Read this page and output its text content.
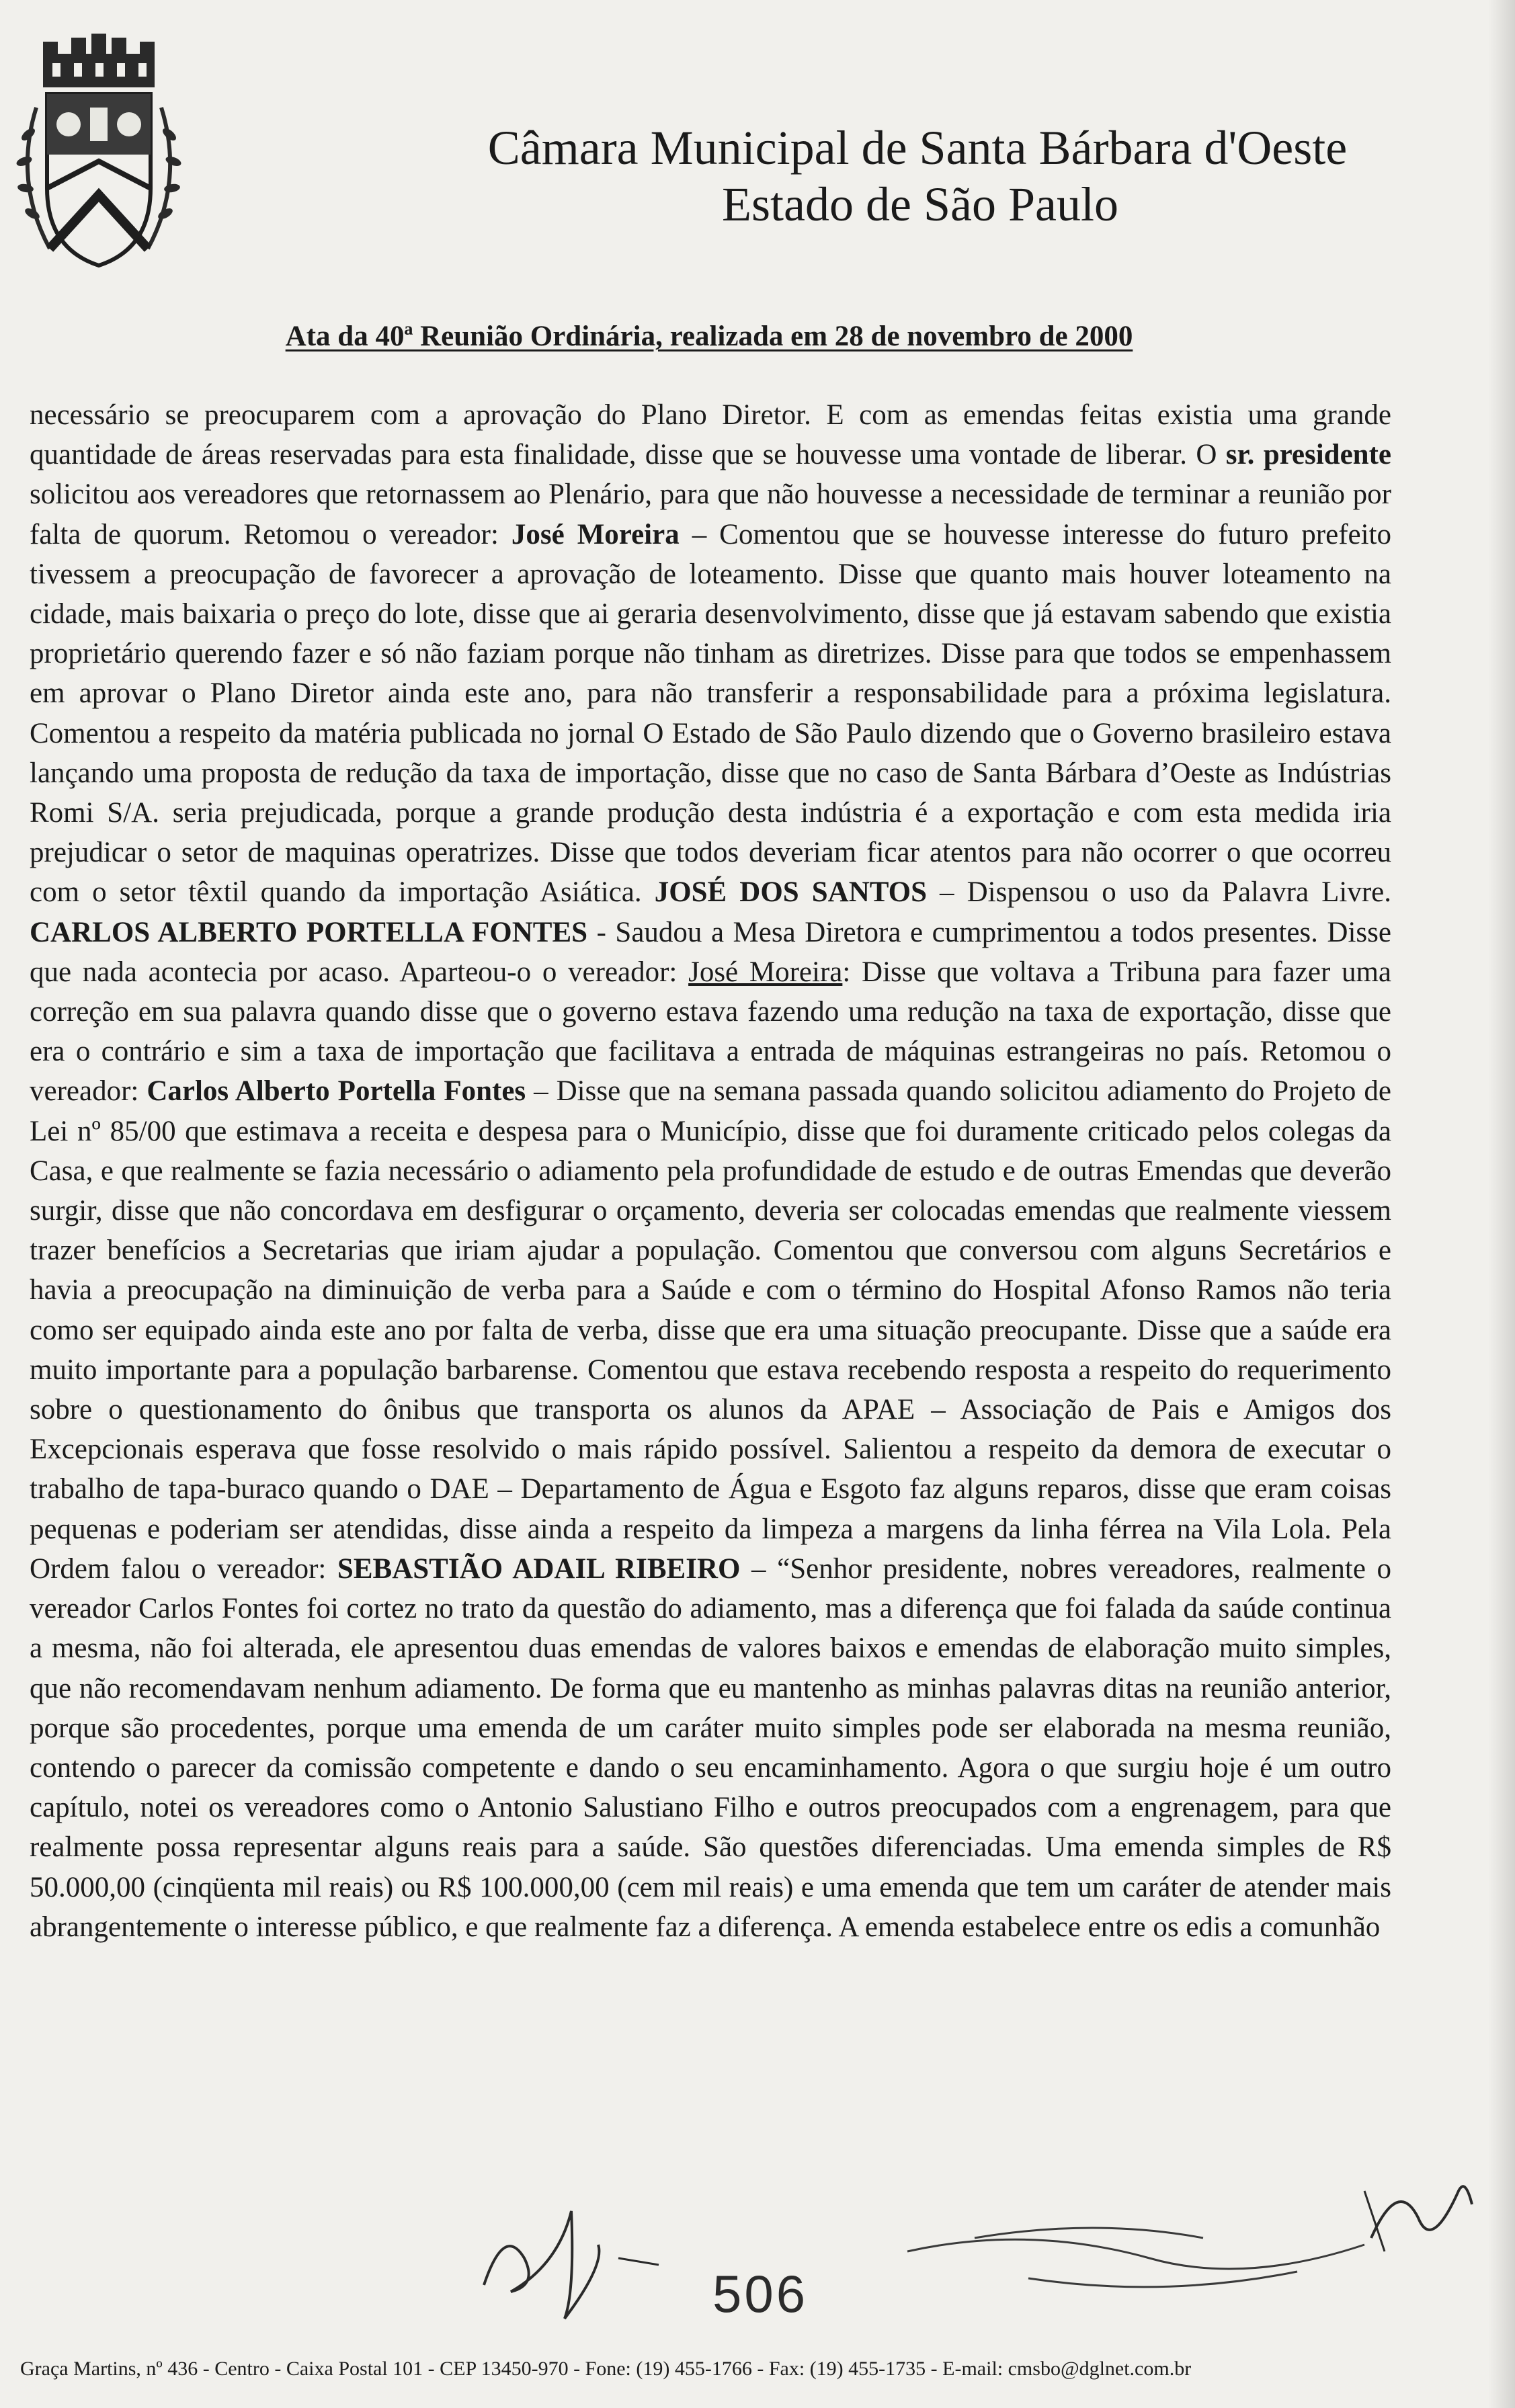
Câmara Municipal de Santa Bárbara d'Oeste
Estado de São Paulo
Ata da 40ª Reunião Ordinária, realizada em 28 de novembro de 2000

necessário se preocuparem com a aprovação do Plano Diretor. E com as emendas feitas existia uma grande quantidade de áreas reservadas para esta finalidade, disse que se houvesse uma vontade de liberar. O sr. presidente solicitou aos vereadores que retornassem ao Plenário, para que não houvesse a necessidade de terminar a reunião por falta de quorum. Retomou o vereador: José Moreira – Comentou que se houvesse interesse do futuro prefeito tivessem a preocupação de favorecer a aprovação de loteamento. Disse que quanto mais houver loteamento na cidade, mais baixaria o preço do lote, disse que ai geraria desenvolvimento, disse que já estavam sabendo que existia proprietário querendo fazer e só não faziam porque não tinham as diretrizes. Disse para que todos se empenhassem em aprovar o Plano Diretor ainda este ano, para não transferir a responsabilidade para a próxima legislatura. Comentou a respeito da matéria publicada no jornal O Estado de São Paulo dizendo que o Governo brasileiro estava lançando uma proposta de redução da taxa de importação, disse que no caso de Santa Bárbara d’Oeste as Indústrias Romi S/A. seria prejudicada, porque a grande produção desta indústria é a exportação e com esta medida iria prejudicar o setor de maquinas operatrizes. Disse que todos deveriam ficar atentos para não ocorrer o que ocorreu com o setor têxtil quando da importação Asiática. JOSÉ DOS SANTOS – Dispensou o uso da Palavra Livre. CARLOS ALBERTO PORTELLA FONTES - Saudou a Mesa Diretora e cumprimentou a todos presentes. Disse que nada acontecia por acaso. Aparteou-o o vereador: José Moreira: Disse que voltava a Tribuna para fazer uma correção em sua palavra quando disse que o governo estava fazendo uma redução na taxa de exportação, disse que era o contrário e sim a taxa de importação que facilitava a entrada de máquinas estrangeiras no país. Retomou o vereador: Carlos Alberto Portella Fontes – Disse que na semana passada quando solicitou adiamento do Projeto de Lei nº 85/00 que estimava a receita e despesa para o Município, disse que foi duramente criticado pelos colegas da Casa, e que realmente se fazia necessário o adiamento pela profundidade de estudo e de outras Emendas que deverão surgir, disse que não concordava em desfigurar o orçamento, deveria ser colocadas emendas que realmente viessem trazer benefícios a Secretarias que iriam ajudar a população. Comentou que conversou com alguns Secretários e havia a preocupação na diminuição de verba para a Saúde e com o término do Hospital Afonso Ramos não teria como ser equipado ainda este ano por falta de verba, disse que era uma situação preocupante. Disse que a saúde era muito importante para a população barbarense. Comentou que estava recebendo resposta a respeito do requerimento sobre o questionamento do ônibus que transporta os alunos da APAE – Associação de Pais e Amigos dos Excepcionais esperava que fosse resolvido o mais rápido possível. Salientou a respeito da demora de executar o trabalho de tapa-buraco quando o DAE – Departamento de Água e Esgoto faz alguns reparos, disse que eram coisas pequenas e poderiam ser atendidas, disse ainda a respeito da limpeza a margens da linha férrea na Vila Lola. Pela Ordem falou o vereador: SEBASTIÃO ADAIL RIBEIRO – “Senhor presidente, nobres vereadores, realmente o vereador Carlos Fontes foi cortez no trato da questão do adiamento, mas a diferença que foi falada da saúde continua a mesma, não foi alterada, ele apresentou duas emendas de valores baixos e emendas de elaboração muito simples, que não recomendavam nenhum adiamento. De forma que eu mantenho as minhas palavras ditas na reunião anterior, porque são procedentes, porque uma emenda de um caráter muito simples pode ser elaborada na mesma reunião, contendo o parecer da comissão competente e dando o seu encaminhamento. Agora o que surgiu hoje é um outro capítulo, notei os vereadores como o Antonio Salustiano Filho e outros preocupados com a engrenagem, para que realmente possa representar alguns reais para a saúde. São questões diferenciadas. Uma emenda simples de R$ 50.000,00 (cinqüenta mil reais) ou R$ 100.000,00 (cem mil reais) e uma emenda que tem um caráter de atender mais abrangentemente o interesse público, e que realmente faz a diferença. A emenda estabelece entre os edis a comunhão

506
Graça Martins, nº 436 - Centro - Caixa Postal 101 - CEP 13450-970 - Fone: (19) 455-1766 - Fax: (19) 455-1735 - E-mail: cmsbo@dglnet.com.br
